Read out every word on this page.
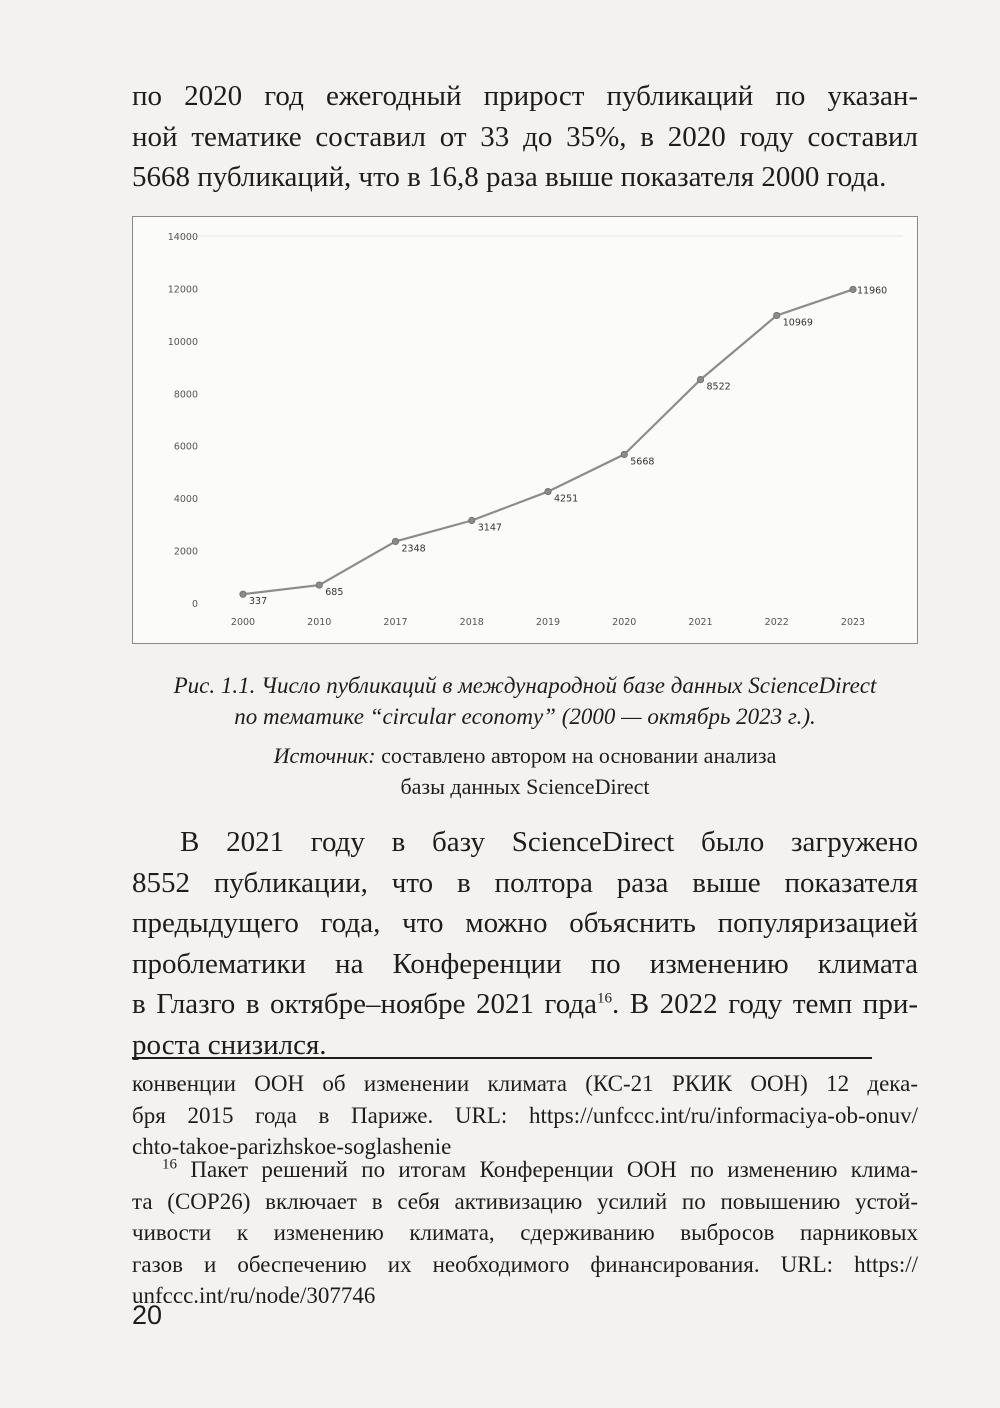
по 2020 год ежегодный прирост публикаций по указан-
ной тематике составил от 33 до 35%, в 2020 году составил
5668 публикаций, что в 16,8 раза выше показателя 2000 года.
0
2000
4000
6000
8000
10000
12000
14000
2000	2010	2017	2018	2019	2020	2021	2022	2023
337
685
2348
3147
4251
5668
8522
10969
11960
Рис. 1.1. Число публикаций в международной базе данных ScienceDirect
по тематике “circular economy” (2000 — октябрь 2023 г.).
Источник: составлено автором на основании анализа
базы данных ScienceDirect
В 2021 году в базу ScienceDirect было загружено
8552 публикации, что в полтора раза выше показателя
предыдущего года, что можно объяснить популяризацией
проблематики на Конференции по изменению климата
в Глазго в октябре–ноябре 2021 года$^{16}$. В 2022 году темп при-
роста снизился.
конвенции ООН об изменении климата (КС-21 РКИК ООН) 12 дека-
бря 2015 года в Париже. URL: https://unfccc.int/ru/informaciya-ob-onuv/
chto-takoe-parizhskoe-soglashenie
$^{16}$ Пакет решений по итогам Конференции ООН по изменению клима-
та (COP26) включает в себя активизацию усилий по повышению устой-
чивости к изменению климата, сдерживанию выбросов парниковых
газов и обеспечению их необходимого финансирования. URL: https://
unfccc.int/ru/node/307746
20
